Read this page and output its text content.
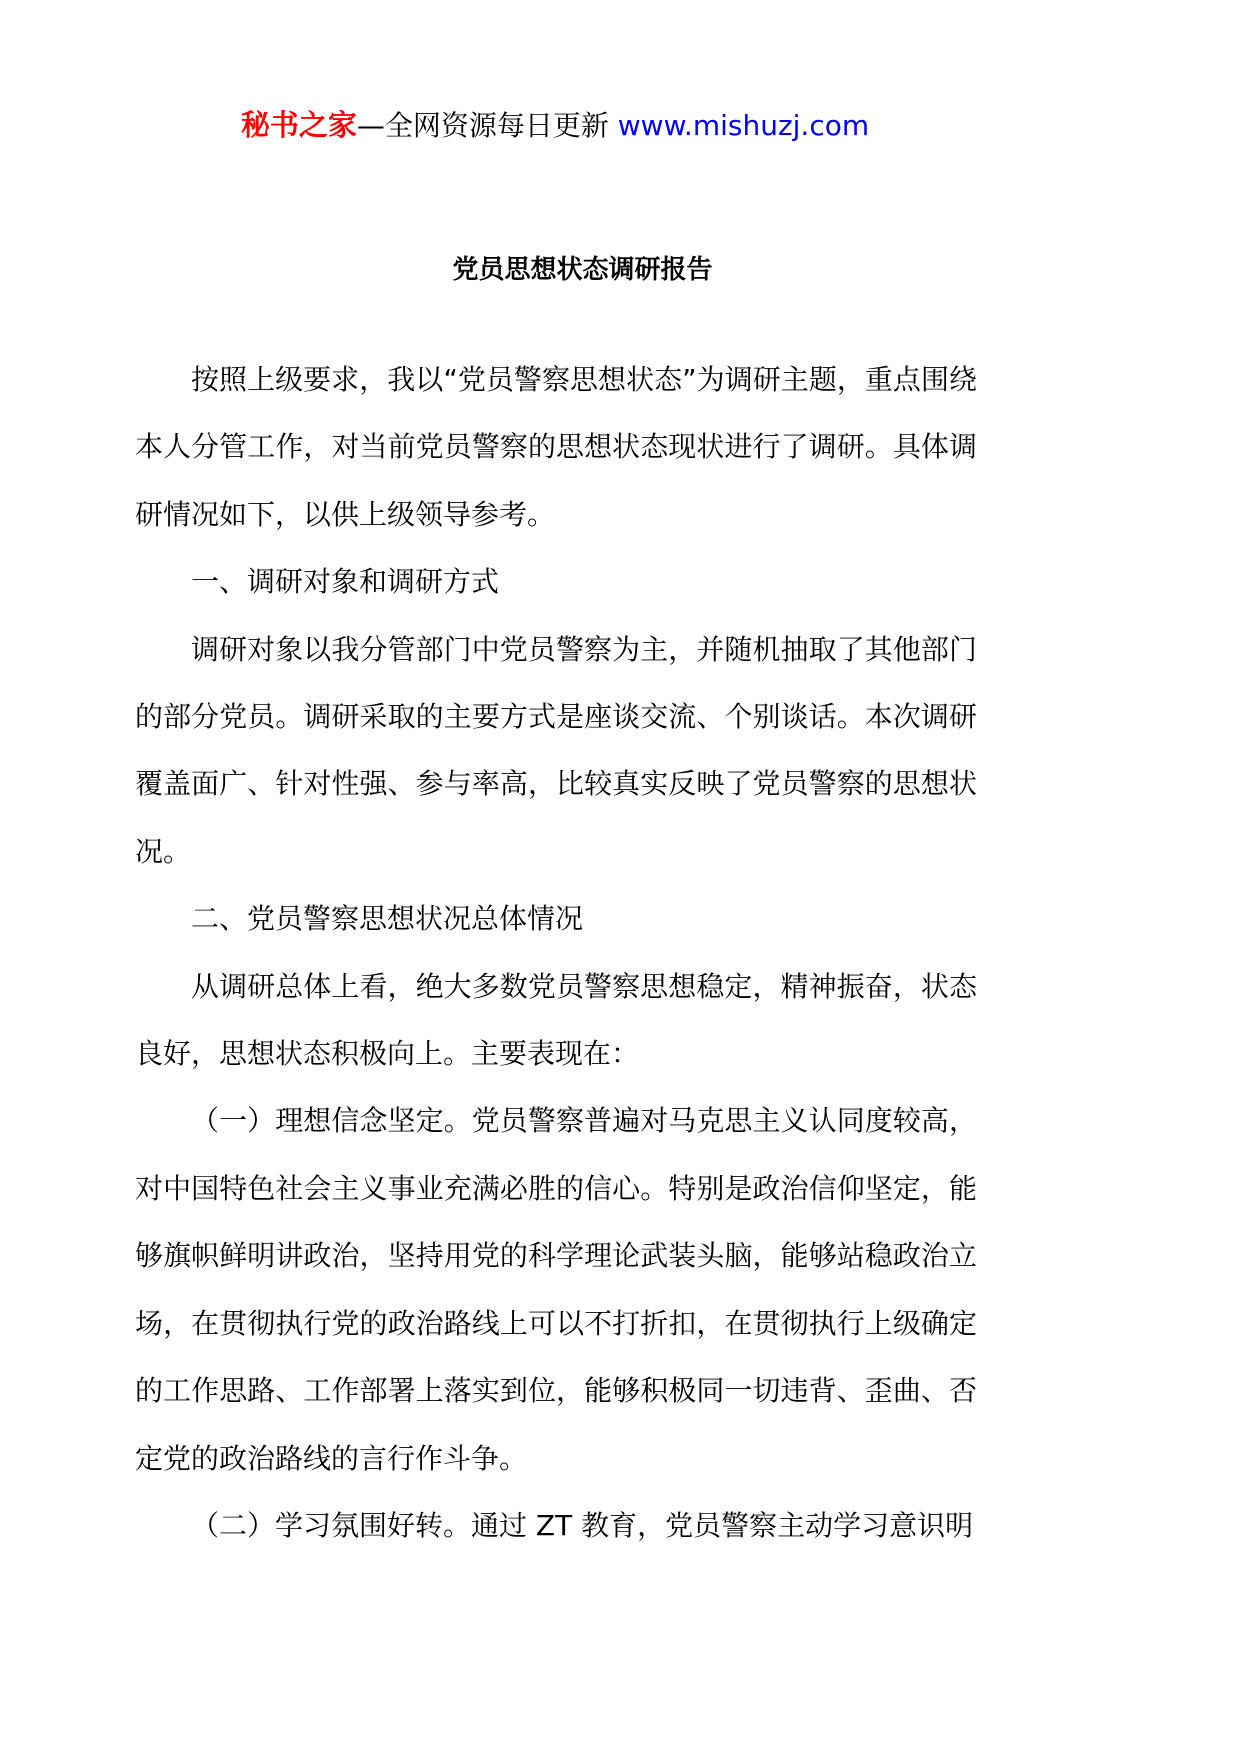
秘书之家—全网资源每日更新 www.mishuzj.com
党员思想状态调研报告

按照上级要求，我以“党员警察思想状态”为调研主题，重点围绕本人分管工作，对当前党员警察的思想状态现状进行了调研。具体调研情况如下，以供上级领导参考。

一、调研对象和调研方式

调研对象以我分管部门中党员警察为主，并随机抽取了其他部门的部分党员。调研采取的主要方式是座谈交流、个别谈话。本次调研覆盖面广、针对性强、参与率高，比较真实反映了党员警察的思想状况。

二、党员警察思想状况总体情况

从调研总体上看，绝大多数党员警察思想稳定，精神振奋，状态良好，思想状态积极向上。主要表现在：

（一）理想信念坚定。党员警察普遍对马克思主义认同度较高，对中国特色社会主义事业充满必胜的信心。特别是政治信仰坚定，能够旗帜鲜明讲政治，坚持用党的科学理论武装头脑，能够站稳政治立场，在贯彻执行党的政治路线上可以不打折扣，在贯彻执行上级确定的工作思路、工作部署上落实到位，能够积极同一切违背、歪曲、否定党的政治路线的言行作斗争。

（二）学习氛围好转。通过 ZT 教育，党员警察主动学习意识明
